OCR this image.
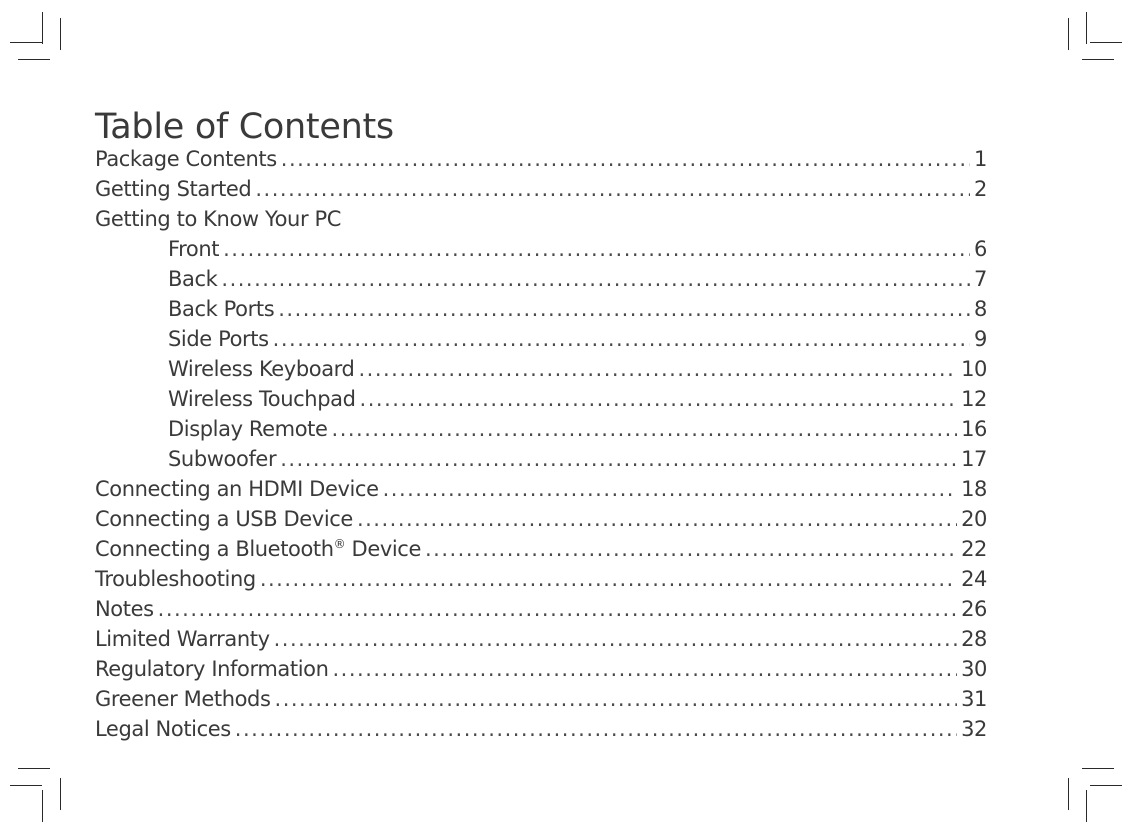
Table of Contents
Package Contents .....	1
Getting Started .....	2
Getting to Know Your PC
Front .....	6
Back .....	7
Back Ports .....	8
Side Ports .....	9
Wireless Keyboard .....	10
Wireless Touchpad .....	12
Display Remote .....	16
Subwoofer .....	17
Connecting an HDMI Device .....	18
Connecting a USB Device .....	20
Connecting a Bluetooth® Device .....	22
Troubleshooting .....	24
Notes .....	26
Limited Warranty .....	28
Regulatory Information .....	30
Greener Methods .....	31
Legal Notices .....	32
